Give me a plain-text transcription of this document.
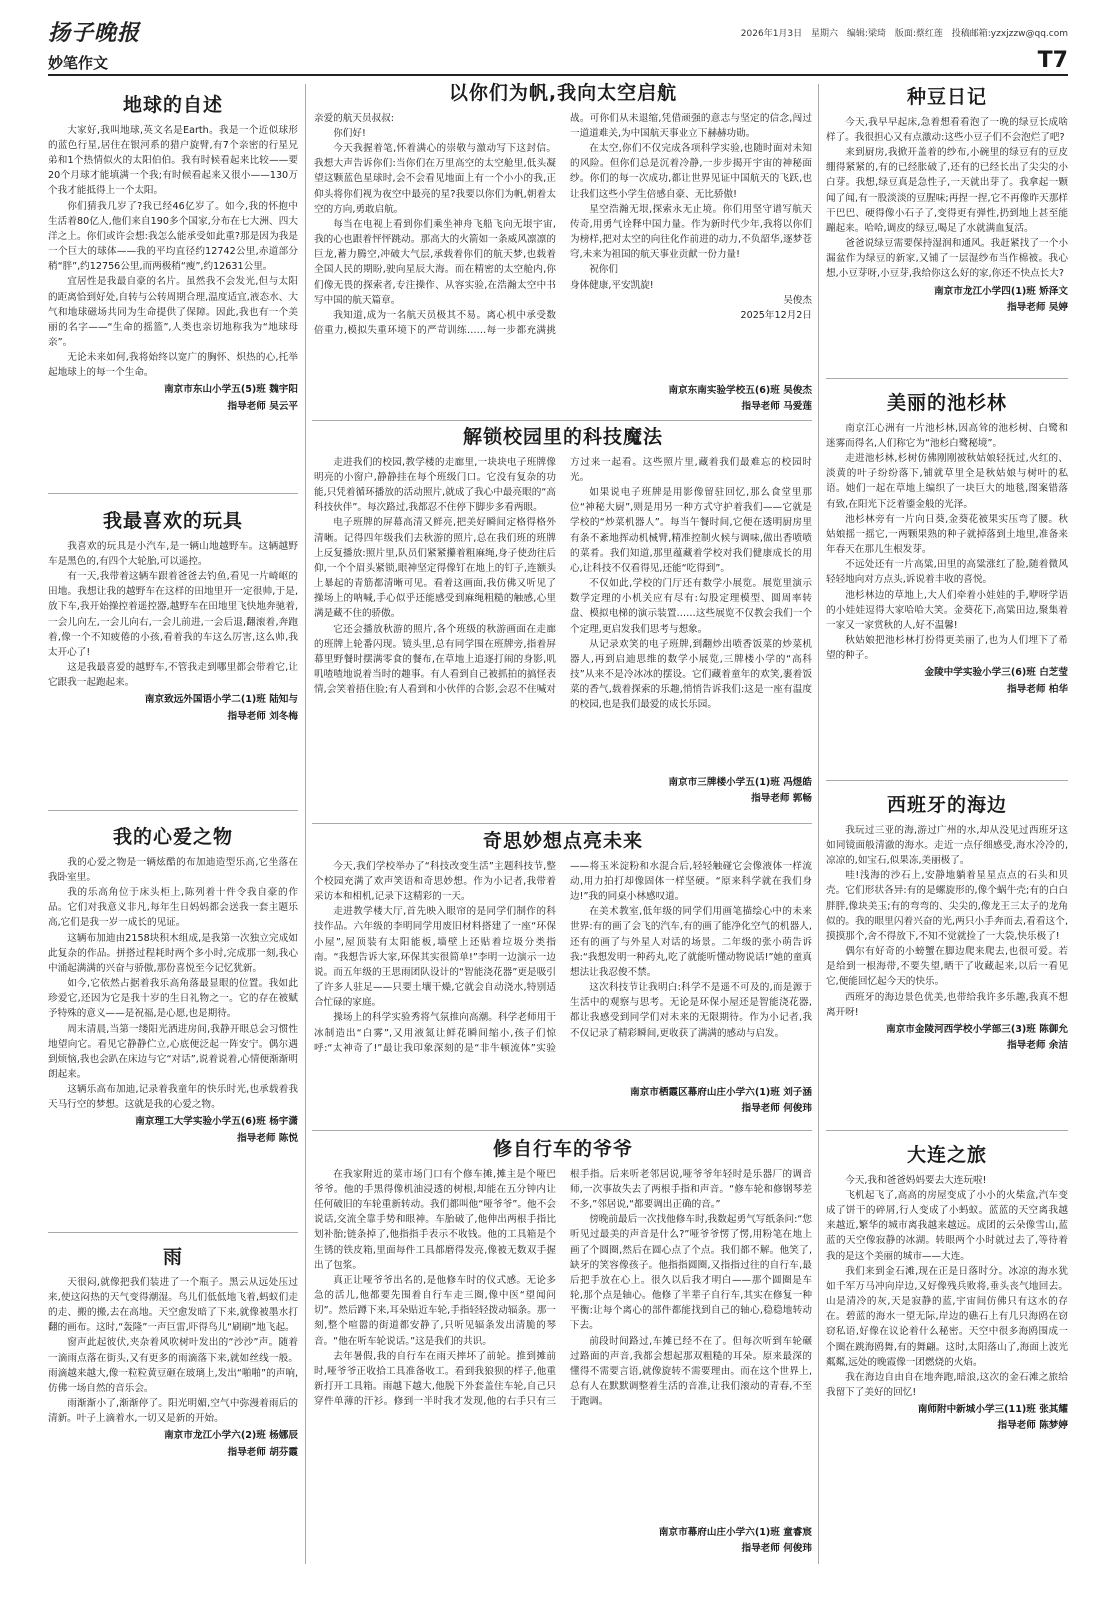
扬子晚报	2026年1月3日 星期六 编辑:梁琦 版面:蔡红莲 投稿邮箱:yzxjzzw@qq.com
妙笔作文	T7
地球的自述

大家好,我叫地球,英文名是Earth。我是一个近似球形的蓝色行星,居住在银河系的猎户旋臂,有7个亲密的行星兄弟和1个热情似火的太阳伯伯。我有时候看起来比较——要20个月球才能填满一个我;有时候看起来又很小——130万个我才能抵得上一个太阳。

你们猜我几岁了?我已经46亿岁了。如今,我的怀抱中生活着80亿人,他们来自190多个国家,分布在七大洲、四大洋之上。你们或许会想:我怎么能承受如此重?那是因为我是一个巨大的球体——我的平均直径约12742公里,赤道部分稍“胖”,约12756公里,而两极稍“瘦”,约12631公里。

宜居性是我最自豪的名片。虽然我不会发光,但与太阳的距离恰到好处,自转与公转周期合理,温度适宜,液态水、大气和地球磁场共同为生命提供了保障。因此,我也有一个美丽的名字——“生命的摇篮”,人类也亲切地称我为“地球母亲”。

无论未来如何,我将始终以宽广的胸怀、炽热的心,托举起地球上的每一个生命。

南京市东山小学五(5)班 魏宇阳
指导老师 吴云平
我最喜欢的玩具

我喜欢的玩具是小汽车,是一辆山地越野车。这辆越野车是黑色的,有四个大轮胎,可以遥控。

有一天,我带着这辆车跟着爸爸去钓鱼,看见一片崎岖的田地。我想让我的越野车在这样的田地里开一定很帅,于是,放下车,我开始操控着遥控器,越野车在田地里飞快地奔驰着,一会儿向左,一会儿向右,一会儿前进,一会后退,翻滚着,奔跑着,像一个不知疲倦的小孩,看着我的车这么厉害,这么帅,我太开心了!

这是我最喜爱的越野车,不管我走到哪里都会带着它,让它跟我一起跑起来。

南京致远外国语小学二(1)班 陆知与
指导老师 刘冬梅
我的心爱之物

我的心爱之物是一辆炫酷的布加迪造型乐高,它坐落在我卧室里。

我的乐高角位于床头柜上,陈列着十件令我自豪的作品。它们对我意义非凡,每年生日妈妈都会送我一套主题乐高,它们是我一岁一成长的见证。

这辆布加迪由2158块积木组成,是我第一次独立完成如此复杂的作品。拼搭过程耗时两个多小时,完成那一刻,我心中涌起满满的兴奋与骄傲,那份喜悦至今记忆犹新。

如今,它依然占据着我乐高角落最显眼的位置。我如此珍爱它,还因为它是我十岁的生日礼物之一。它的存在被赋予特殊的意义——是祝福,是心愿,也是期待。

周末清晨,当第一缕阳光洒进房间,我静开眼总会习惯性地望向它。看见它静静伫立,心底便泛起一阵安宁。偶尔遇到烦恼,我也会趴在床边与它“对话”,说着说着,心情便渐渐明朗起来。

这辆乐高布加迪,记录着我童年的快乐时光,也承载着我天马行空的梦想。这就是我的心爱之物。

南京理工大学实验小学五(6)班 杨宇潇
指导老师 陈悦
雨

天很闷,就像把我们装进了一个瓶子。黑云从远处压过来,使这闷热的天气变得潮湿。鸟儿们低低地飞着,蚂蚁们走的走、搬的搬,去在高地。天空愈发暗了下来,就像被墨水打翻的画布。这时,“轰隆”一声巨雷,吓得鸟儿“刷刷”地飞起。

窗声此起彼伏,夹杂着风吹树叶发出的“沙沙”声。随着一滴雨点落在街头,又有更多的雨滴落下来,就如丝线一般。雨滴越来越大,像一粒粒黄豆砸在玻璃上,发出“啪啪”的声响,仿佛一场自然的音乐会。

雨渐渐小了,渐渐停了。阳光明媚,空气中弥漫着雨后的清新。叶子上滴着水,一切又是新的开始。

南京市龙江小学六(2)班 杨娜辰
指导老师 胡芬霞
以你们为帆,我向太空启航

亲爱的航天员叔叔:

你们好!

今天我握着笔,怀着满心的崇敬与激动写下这封信。我想大声告诉你们:当你们在万里高空的太空舱里,低头凝望这颗蓝色星球时,会不会看见地面上有一个小小的我,正仰头将你们视为夜空中最亮的星?我要以你们为帆,朝着太空的方向,勇敢启航。

每当在电视上看到你们乘坐神舟飞船飞向无垠宇宙,我的心也跟着怦怦跳动。那高大的火箭如一条威风凛凛的巨龙,蓄力腾空,冲破大气层,承载着你们的航天梦,也载着全国人民的期盼,驶向星辰大海。而在精密的太空舱内,你们像无畏的探索者,专注操作、从容实验,在浩瀚太空中书写中国的航天篇章。

我知道,成为一名航天员极其不易。离心机中承受数倍重力,模拟失重环境下的严苛训练……每一步都充满挑战。可你们从未退缩,凭借顽强的意志与坚定的信念,闯过一道道难关,为中国航天事业立下赫赫功勋。

在太空,你们不仅完成各项科学实验,也随时面对未知的风险。但你们总是沉着冷静,一步步揭开宇宙的神秘面纱。你们的每一次成功,都让世界见证中国航天的飞跃,也让我们这些小学生倍感自豪、无比骄傲!

星空浩瀚无垠,探索永无止境。你们用坚守谱写航天传奇,用勇气诠释中国力量。作为新时代少年,我将以你们为榜样,把对太空的向往化作前进的动力,不负韶华,逐梦苍穹,未来为祖国的航天事业贡献一份力量!

祝你们

身体健康,平安凯旋!

吴俊杰

2025年12月2日

南京东南实验学校五(6)班 吴俊杰
指导老师 马爱莲
解锁校园里的科技魔法

走进我们的校园,教学楼的走廊里,一块块电子班牌像明亮的小窗户,静静挂在每个班级门口。它没有复杂的功能,只凭着循环播放的活动照片,就成了我心中最亮眼的“高科技伙伴”。每次路过,我都忍不住停下脚步多看两眼。

电子班牌的屏幕高清又鲜亮,把美好瞬间定格得格外清晰。记得四年级我们去秋游的照片,总在我们班的班牌上反复播放:照片里,队员们紧紧攥着粗麻绳,身子使劲往后仰,一个个眉头紧锁,眼神坚定得像钉在地上的钉子,连额头上暴起的青筋都清晰可见。看着这画面,我仿佛又听见了操场上的呐喊,手心似乎还能感受到麻绳粗糙的触感,心里满是藏不住的骄傲。

它还会播放秋游的照片,各个班级的秋游画面在走廊的班牌上轮番闪现。镜头里,总有同学围在班牌旁,指着屏幕里野餐时摆满零食的餐布,在草地上追逐打闹的身影,叽叽喳喳地说着当时的趣事。有人看到自己被抓拍的搞怪表情,会笑着捂住脸;有人看到和小伙伴的合影,会忍不住喊对方过来一起看。这些照片里,藏着我们最难忘的校园时光。

如果说电子班牌是用影像留驻回忆,那么食堂里那位“神秘大厨”,则是用另一种方式守护着我们——它就是学校的“炒菜机器人”。每当午餐时间,它便在透明厨房里有条不紊地挥动机械臂,精准控制火候与调味,做出香喷喷的菜肴。我们知道,那里蕴藏着学校对我们健康成长的用心,让科技不仅看得见,还能“吃得到”。

不仅如此,学校的门厅还有数学小展览。展览里演示数学定理的小机关应有尽有:勾股定理模型、圆周率转盘、模拟电梯的演示装置……这些展览不仅教会我们一个个定理,更启发我们思考与想象。

从记录欢笑的电子班牌,到翻炒出喷香饭菜的炒菜机器人,再到启迪思维的数学小展览,三牌楼小学的“高科技”从来不是冷冰冰的摆设。它们藏着童年的欢笑,裹着饭菜的香气,载着探索的乐趣,悄悄告诉我们:这是一座有温度的校园,也是我们最爱的成长乐园。

南京市三牌楼小学五(1)班 冯煜皓
指导老师 郭畅
奇思妙想点亮未来

今天,我们学校举办了“科技改变生活”主题科技节,整个校园充满了欢声笑语和奇思妙想。作为小记者,我带着采访本和相机,记录下这精彩的一天。

走进教学楼大厅,首先映入眼帘的是同学们制作的科技作品。六年级的李明同学用废旧材料搭建了一座“环保小屋”,屋顶装有太阳能板,墙壁上还贴着垃圾分类指南。“我想告诉大家,环保其实很简单!”李明一边演示一边说。而五年级的王思雨团队设计的“智能浇花器”更是吸引了许多人驻足——只要土壤干燥,它就会自动浇水,特别适合忙碌的家庭。

操场上的科学实验秀将气氛推向高潮。科学老师用干冰制造出“白雾”,又用液氮让鲜花瞬间缩小,孩子们惊呼:“太神奇了!”最让我印象深刻的是“非牛顿流体”实验——将玉米淀粉和水混合后,轻轻触碰它会像液体一样流动,用力拍打却像固体一样坚硬。“原来科学就在我们身边!”我的同桌小林感叹道。

在美术教室,低年级的同学们用画笔描绘心中的未来世界:有的画了会飞的汽车,有的画了能净化空气的机器人,还有的画了与外星人对话的场景。二年级的张小萌告诉我:“我想发明一种药丸,吃了就能听懂动物说话!”她的童真想法让我忍俊不禁。

这次科技节让我明白:科学不是遥不可及的,而是源于生活中的观察与思考。无论是环保小屋还是智能浇花器,都让我感受到同学们对未来的无限期待。作为小记者,我不仅记录了精彩瞬间,更收获了满满的感动与启发。

南京市栖霞区幕府山庄小学六(1)班 刘子涵
指导老师 何俊玮
修自行车的爷爷

在我家附近的菜市场门口有个修车摊,摊主是个哑巴爷爷。他的手黑得像机油浸透的树根,却能在五分钟内让任何破旧的车轮重新转动。我们都叫他“哑爷爷”。他不会说话,交流全靠手势和眼神。车胎破了,他伸出两根手指比划补胎;链条掉了,他指指手表示不收钱。他的工具箱是个生锈的铁皮箱,里面每件工具都磨得发亮,像被无数双手握出了包浆。

真正让哑爷爷出名的,是他修车时的仪式感。无论多急的活儿,他都要先围着自行车走三圈,像中医“望闻问切”。然后蹲下来,耳朵贴近车轮,手指轻轻拨动辐条。那一刻,整个喧嚣的街道都安静了,只听见辐条发出清脆的琴音。“他在听车轮说话。”这是我们的共识。

去年暑假,我的自行车在雨天摔坏了前轮。推到摊前时,哑爷爷正收拾工具准备收工。看到我狼狈的样子,他重新打开工具箱。雨越下越大,他脱下外套盖住车轮,自己只穿件单薄的汗衫。修到一半时我才发现,他的右手只有三根手指。后来听老邻居说,哑爷爷年轻时是乐器厂的调音师,一次事故失去了两根手指和声音。“修车轮和修钢琴差不多,”邻居说,“都要调出正确的音。”

傍晚前最后一次找他修车时,我数起勇气写纸条问:“您听见过最美的声音是什么?”哑爷爷愣了愣,用粉笔在地上画了个圆圈,然后在圆心点了个点。我们都不解。他笑了,缺牙的笑容像孩子。他指指圆圈,又指指过往的自行车,最后把手放在心上。很久以后我才明白——那个圆圈是车轮,那个点是轴心。他修了半辈子自行车,其实在修复一种平衡:让每个离心的部件都能找到自己的轴心,稳稳地转动下去。

前段时间路过,车摊已经不在了。但每次听到车轮碾过路面的声音,我都会想起那双粗糙的耳朵。原来最深的懂得不需要言语,就像旋转不需要理由。而在这个世界上,总有人在默默调整着生活的音准,让我们滚动的青春,不至于跑调。

南京市幕府山庄小学六(1)班 童睿宸
指导老师 何俊玮
种豆日记

今天,我早早起床,急着想看看泡了一晚的绿豆长成啥样了。我很担心又有点激动:这些小豆子们不会泡烂了吧?

来到厨房,我掀开盖着的纱布,小碗里的绿豆有的豆皮绷得紧紧的,有的已经胀破了,还有的已经长出了尖尖的小白芽。我想,绿豆真是急性子,一天就出芽了。我拿起一颗闻了闻,有一股淡淡的豆腥味;再捏一捏,它不再像昨天那样干巴巴、硬得像小石子了,变得更有弹性,扔到地上甚至能蹦起来。哈哈,调皮的绿豆,喝足了水就满血复活。

爸爸说绿豆需要保持湿润和通风。我赶紧找了一个小漏盆作为绿豆的新家,又铺了一层湿纱布当作棉被。我心想,小豆芽呀,小豆芽,我给你这么好的家,你还不快点长大?

南京市龙江小学四(1)班 矫泽文
指导老师 吴婷
美丽的池杉林

南京江心洲有一片池杉林,因高耸的池杉树、白鹭和迷雾而得名,人们称它为“池杉白鹭秘境”。

走进池杉林,杉树仿佛刚刚被秋姑娘轻抚过,火红的、淡黄的叶子纷纷落下,铺就草里全是秋姑娘与树叶的私语。她们一起在草地上编织了一块巨大的地毯,图案错落有致,在阳光下泛着鎏金般的光泽。

池杉林旁有一片向日葵,金葵花被果实压弯了腰。秋姑娘摇一摇它,一两颗果熟的种子就掉落到土地里,准备来年春天在那儿生根发芽。

不远处还有一片高粱,田里的高粱涨红了脸,随着微风轻轻地向对方点头,诉说着丰收的喜悦。

池杉林边的草地上,大人们牵着小娃娃的手,咿呀学语的小娃娃逗得大家哈哈大笑。金葵花下,高粱田边,聚集着一家又一家赏秋的人,好不温馨!

秋姑娘把池杉林打扮得更美丽了,也为人们埋下了希望的种子。

金陵中学实验小学三(6)班 白芝莹
指导老师 柏华
西班牙的海边

我玩过三亚的海,游过广州的水,却从没见过西班牙这如同镜面般清澈的海水。走近一点仔细感受,海水冷冷的,凉凉的,如宝石,似果冻,美丽极了。

哇!浅海的沙石上,安静地躺着星星点点的石头和贝壳。它们形状各异:有的是螺旋形的,像个蜗牛壳;有的白白胖胖,像块美玉;有的弯弯的、尖尖的,像龙王三太子的龙角似的。我的眼里闪着兴奋的光,两只小手奔而去,看看这个,摸摸那个,舍不得放下,不知不觉就捡了一大袋,快乐极了!

偶尔有好奇的小螃蟹在脚边爬来爬去,也很可爱。若是给到一根海带,不要失望,晒干了收藏起来,以后一看见它,便能回忆起今天的快乐。

西班牙的海边景色优美,也带给我许多乐趣,我真不想离开呀!

南京市金陵河西学校小学部三(3)班 陈御允
指导老师 余洁
大连之旅

今天,我和爸爸妈妈要去大连玩啦!

飞机起飞了,高高的房屋变成了小小的火柴盒,汽车变成了饼干的碎屑,行人变成了小蚂蚁。蓝蓝的天空离我越来越近,繁华的城市离我越来越远。成团的云朵像雪山,蓝蓝的天空像寂静的冰湖。转眼两个小时就过去了,等待着我的是这个美丽的城市——大连。

我们来到金石滩,现在正是日落时分。冰凉的海水犹如千军万马冲向岸边,又好像残兵败将,垂头丧气地回去。山是清冷的灰,天是寂静的蓝,宇宙间仿佛只有这水的存在。碧蓝的海水一望无际,岸边的礁石上有几只海鸥在窃窃私语,好像在议论着什么秘密。天空中很多海鸥围成一个圈在跳海鸥舞,有的舞翩。这时,太阳落山了,海面上波光粼粼,远处的晚霞像一团燃烧的火焰。

我在海边自由自在地奔跑,暗浪,这次的金石滩之旅给我留下了美好的回忆!

南师附中新城小学三(11)班 张其耀
指导老师 陈梦婷
